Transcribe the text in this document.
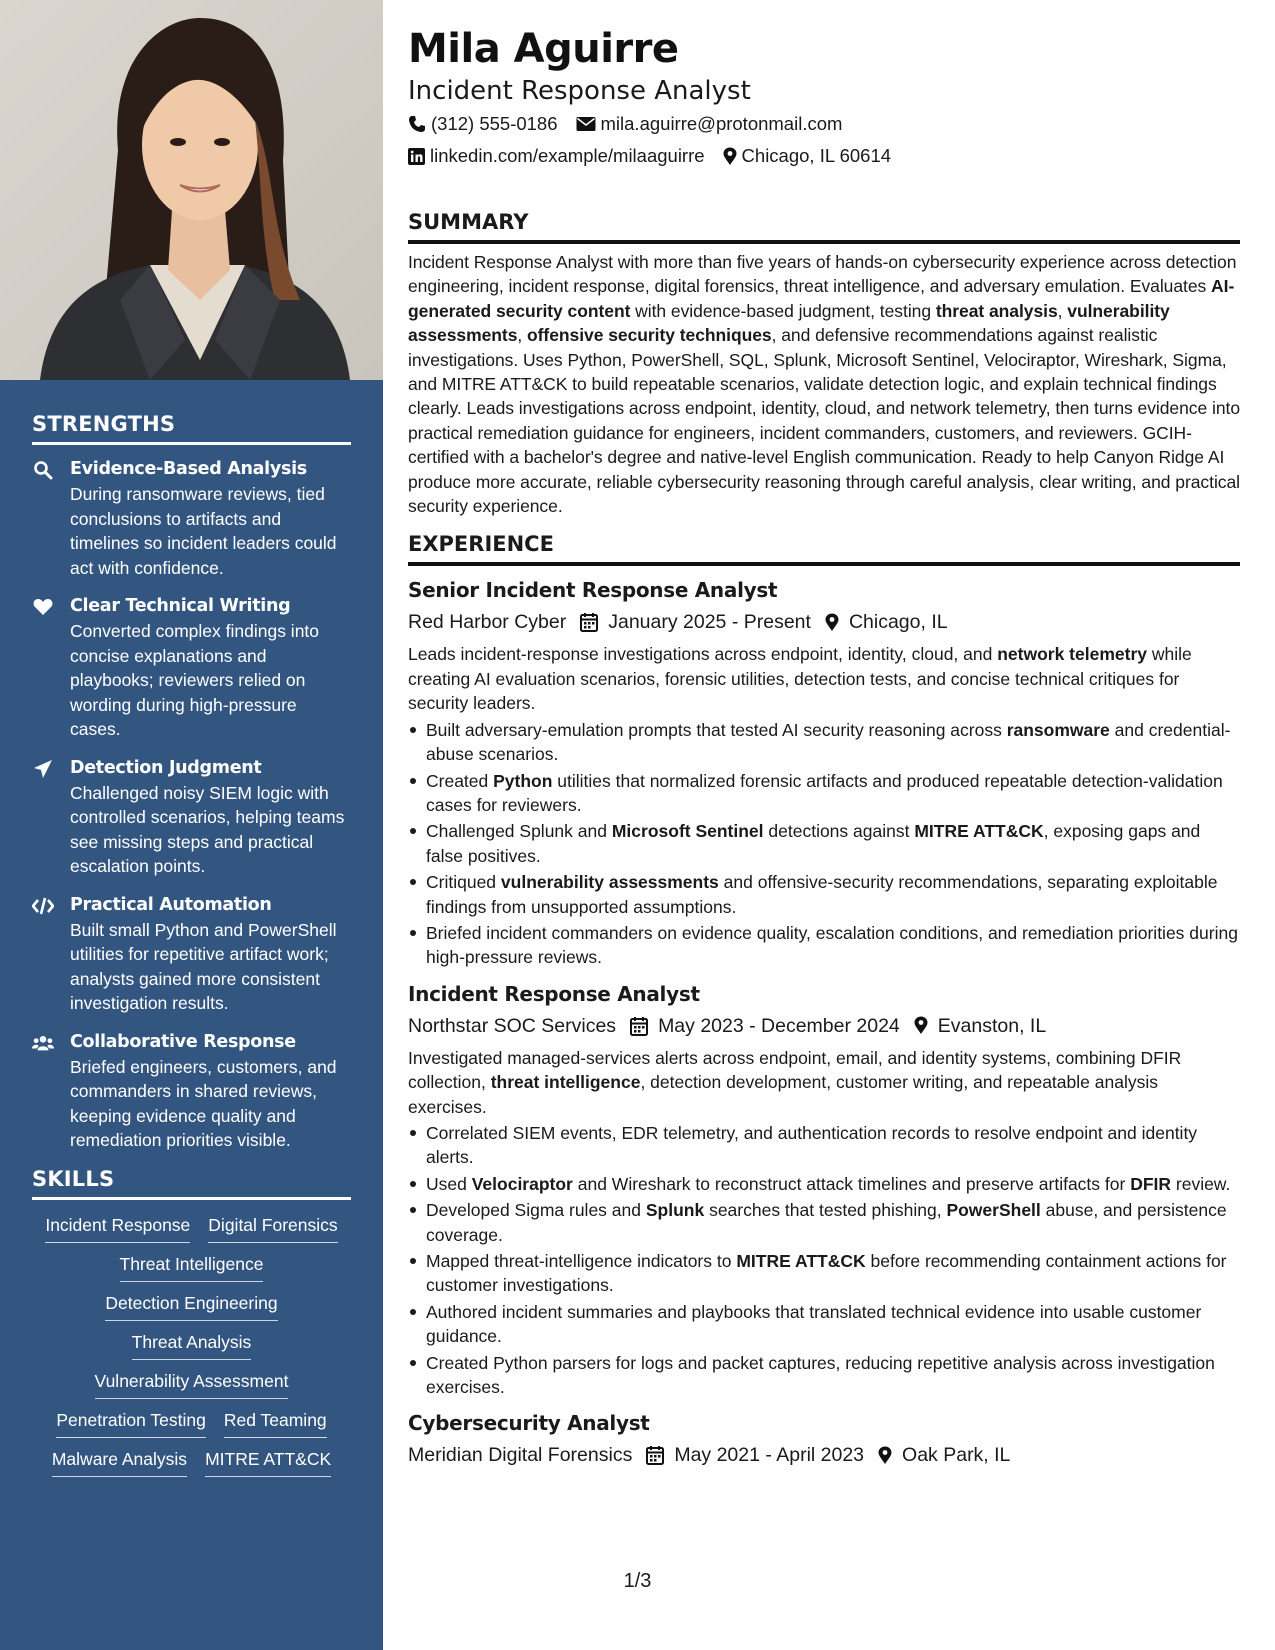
STRENGTHS
Evidence-Based Analysis
During ransomware reviews, tied conclusions to artifacts and timelines so incident leaders could act with confidence.
Clear Technical Writing
Converted complex findings into concise explanations and playbooks; reviewers relied on wording during high-pressure cases.
Detection Judgment
Challenged noisy SIEM logic with controlled scenarios, helping teams see missing steps and practical escalation points.
Practical Automation
Built small Python and PowerShell utilities for repetitive artifact work; analysts gained more consistent investigation results.
Collaborative Response
Briefed engineers, customers, and commanders in shared reviews, keeping evidence quality and remediation priorities visible.
SKILLS
Incident Response Digital Forensics
Threat Intelligence
Detection Engineering
Threat Analysis
Vulnerability Assessment
Penetration Testing Red Teaming
Malware Analysis MITRE ATT&CK
Mila Aguirre
Incident Response Analyst
(312) 555-0186 mila.aguirre@protonmail.com
linkedin.com/example/milaaguirre Chicago, IL 60614
SUMMARY

Incident Response Analyst with more than five years of hands-on cybersecurity experience across detection engineering, incident response, digital forensics, threat intelligence, and adversary emulation. Evaluates AI-generated security content with evidence-based judgment, testing threat analysis, vulnerability assessments, offensive security techniques, and defensive recommendations against realistic investigations. Uses Python, PowerShell, SQL, Splunk, Microsoft Sentinel, Velociraptor, Wireshark, Sigma, and MITRE ATT&CK to build repeatable scenarios, validate detection logic, and explain technical findings clearly. Leads investigations across endpoint, identity, cloud, and network telemetry, then turns evidence into practical remediation guidance for engineers, incident commanders, customers, and reviewers. GCIH-certified with a bachelor's degree and native-level English communication. Ready to help Canyon Ridge AI produce more accurate, reliable cybersecurity reasoning through careful analysis, clear writing, and practical security experience.

EXPERIENCE
Senior Incident Response Analyst
Red Harbor Cyber January 2025 - Present Chicago, IL

Leads incident-response investigations across endpoint, identity, cloud, and network telemetry while creating AI evaluation scenarios, forensic utilities, detection tests, and concise technical critiques for security leaders.

Built adversary-emulation prompts that tested AI security reasoning across ransomware and credential-abuse scenarios.
Created Python utilities that normalized forensic artifacts and produced repeatable detection-validation cases for reviewers.
Challenged Splunk and Microsoft Sentinel detections against MITRE ATT&CK, exposing gaps and false positives.
Critiqued vulnerability assessments and offensive-security recommendations, separating exploitable findings from unsupported assumptions.
Briefed incident commanders on evidence quality, escalation conditions, and remediation priorities during high-pressure reviews.
Incident Response Analyst
Northstar SOC Services May 2023 - December 2024 Evanston, IL

Investigated managed-services alerts across endpoint, email, and identity systems, combining DFIR collection, threat intelligence, detection development, customer writing, and repeatable analysis exercises.

Correlated SIEM events, EDR telemetry, and authentication records to resolve endpoint and identity alerts.
Used Velociraptor and Wireshark to reconstruct attack timelines and preserve artifacts for DFIR review.
Developed Sigma rules and Splunk searches that tested phishing, PowerShell abuse, and persistence coverage.
Mapped threat-intelligence indicators to MITRE ATT&CK before recommending containment actions for customer investigations.
Authored incident summaries and playbooks that translated technical evidence into usable customer guidance.
Created Python parsers for logs and packet captures, reducing repetitive analysis across investigation exercises.
Cybersecurity Analyst
Meridian Digital Forensics May 2021 - April 2023 Oak Park, IL
1/3
